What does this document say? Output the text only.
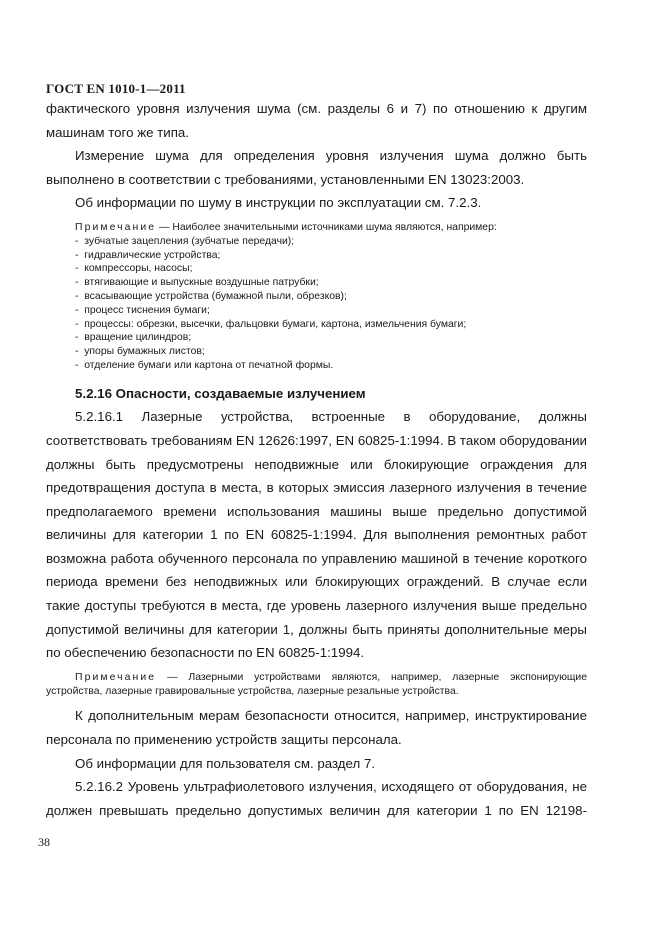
ГОСТ EN 1010-1—2011

фактического уровня излучения шума (см. разделы 6 и 7) по отношению к другим машинам того же типа.

Измерение шума для определения уровня излучения шума должно быть выполнено в соответствии с требованиями, установленными EN 13023:2003.

Об информации по шуму в инструкции по эксплуатации см. 7.2.3.

Примечание — Наиболее значительными источниками шума являются, например:
-  зубчатые зацепления (зубчатые передачи);
-  гидравлические устройства;
-  компрессоры, насосы;
-  втягивающие и выпускные воздушные патрубки;
-  всасывающие устройства (бумажной пыли, обрезков);
-  процесс тиснения бумаги;
-  процессы: обрезки, высечки, фальцовки бумаги, картона, измельчения бумаги;
-  вращение цилиндров;
-  упоры бумажных листов;
-  отделение бумаги или картона от печатной формы.
5.2.16 Опасности, создаваемые излучением

5.2.16.1 Лазерные устройства, встроенные в оборудование, должны соответствовать требованиям EN 12626:1997, EN 60825-1:1994. В таком оборудовании должны быть предусмотрены неподвижные или блокирующие ограждения для предотвращения доступа в места, в которых эмиссия лазерного излучения в течение предполагаемого времени использования машины выше предельно допустимой величины для категории 1 по EN 60825-1:1994. Для выполнения ремонтных работ возможна работа обученного персонала по управлению машиной в течение короткого периода времени без неподвижных или блокирующих ограждений. В случае если такие доступы требуются в места, где уровень лазерного излучения выше предельно допустимой величины для категории 1, должны быть приняты дополнительные меры по обеспечению безопасности по EN 60825-1:1994.

Примечание — Лазерными устройствами являются, например, лазерные экспонирующие устройства, лазерные гравировальные устройства, лазерные резальные устройства.

К дополнительным мерам безопасности относится, например, инструктирование персонала по применению устройств защиты персонала.

Об информации для пользователя см. раздел 7.

5.2.16.2 Уровень ультрафиолетового излучения, исходящего от оборудования, не должен превышать предельно допустимых величин для категории 1 по EN 12198-

38
